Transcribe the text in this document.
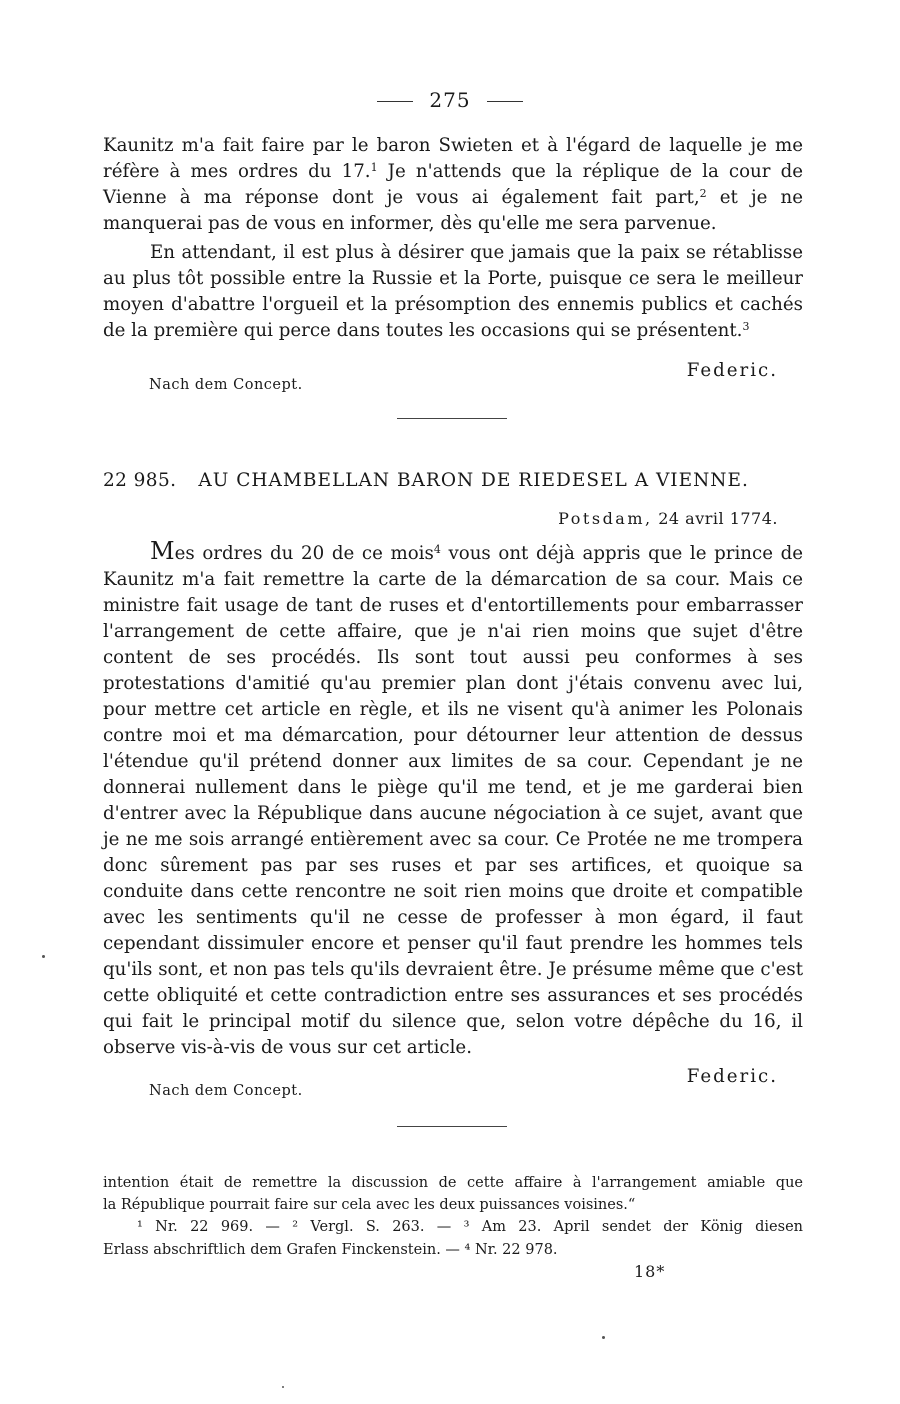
275
Kaunitz m'a fait faire par le baron Swieten et à l'égard de laquelle je me réfère à mes ordres du 17.$^1$ Je n'attends que la réplique de la cour de Vienne à ma réponse dont je vous ai également fait part,$^2$ et je ne manquerai pas de vous en informer, dès qu'elle me sera parvenue.
En attendant, il est plus à désirer que jamais que la paix se rétablisse au plus tôt possible entre la Russie et la Porte, puisque ce sera le meilleur moyen d'abattre l'orgueil et la présomption des ennemis publics et cachés de la première qui perce dans toutes les occasions qui se présentent.$^3$
Federic.
Nach dem Concept.
22 985. AU CHAMBELLAN BARON DE RIEDESEL A VIENNE.
Potsdam, 24 avril 1774.
Mes ordres du 20 de ce mois$^4$ vous ont déjà appris que le prince de Kaunitz m'a fait remettre la carte de la démarcation de sa cour. Mais ce ministre fait usage de tant de ruses et d'entortillements pour embarrasser l'arrangement de cette affaire, que je n'ai rien moins que sujet d'être content de ses procédés. Ils sont tout aussi peu conformes à ses protestations d'amitié qu'au premier plan dont j'étais convenu avec lui, pour mettre cet article en règle, et ils ne visent qu'à animer les Polonais contre moi et ma démarcation, pour détourner leur attention de dessus l'étendue qu'il prétend donner aux limites de sa cour. Cependant je ne donnerai nullement dans le piège qu'il me tend, et je me garderai bien d'entrer avec la République dans aucune négociation à ce sujet, avant que je ne me sois arrangé entièrement avec sa cour. Ce Protée ne me trompera donc sûrement pas par ses ruses et par ses artifices, et quoique sa conduite dans cette rencontre ne soit rien moins que droite et compatible avec les sentiments qu'il ne cesse de professer à mon égard, il faut cependant dissimuler encore et penser qu'il faut prendre les hommes tels qu'ils sont, et non pas tels qu'ils devraient être. Je présume même que c'est cette obliquité et cette contradiction entre ses assurances et ses procédés qui fait le principal motif du silence que, selon votre dépêche du 16, il observe vis-à-vis de vous sur cet article.
Federic.
Nach dem Concept.
intention était de remettre la discussion de cette affaire à l'arrangement amiable que
la République pourrait faire sur cela avec les deux puissances voisines.“
¹ Nr. 22 969. — ² Vergl. S. 263. — ³ Am 23. April sendet der König diesen
Erlass abschriftlich dem Grafen Finckenstein. — ⁴ Nr. 22 978.
18*
